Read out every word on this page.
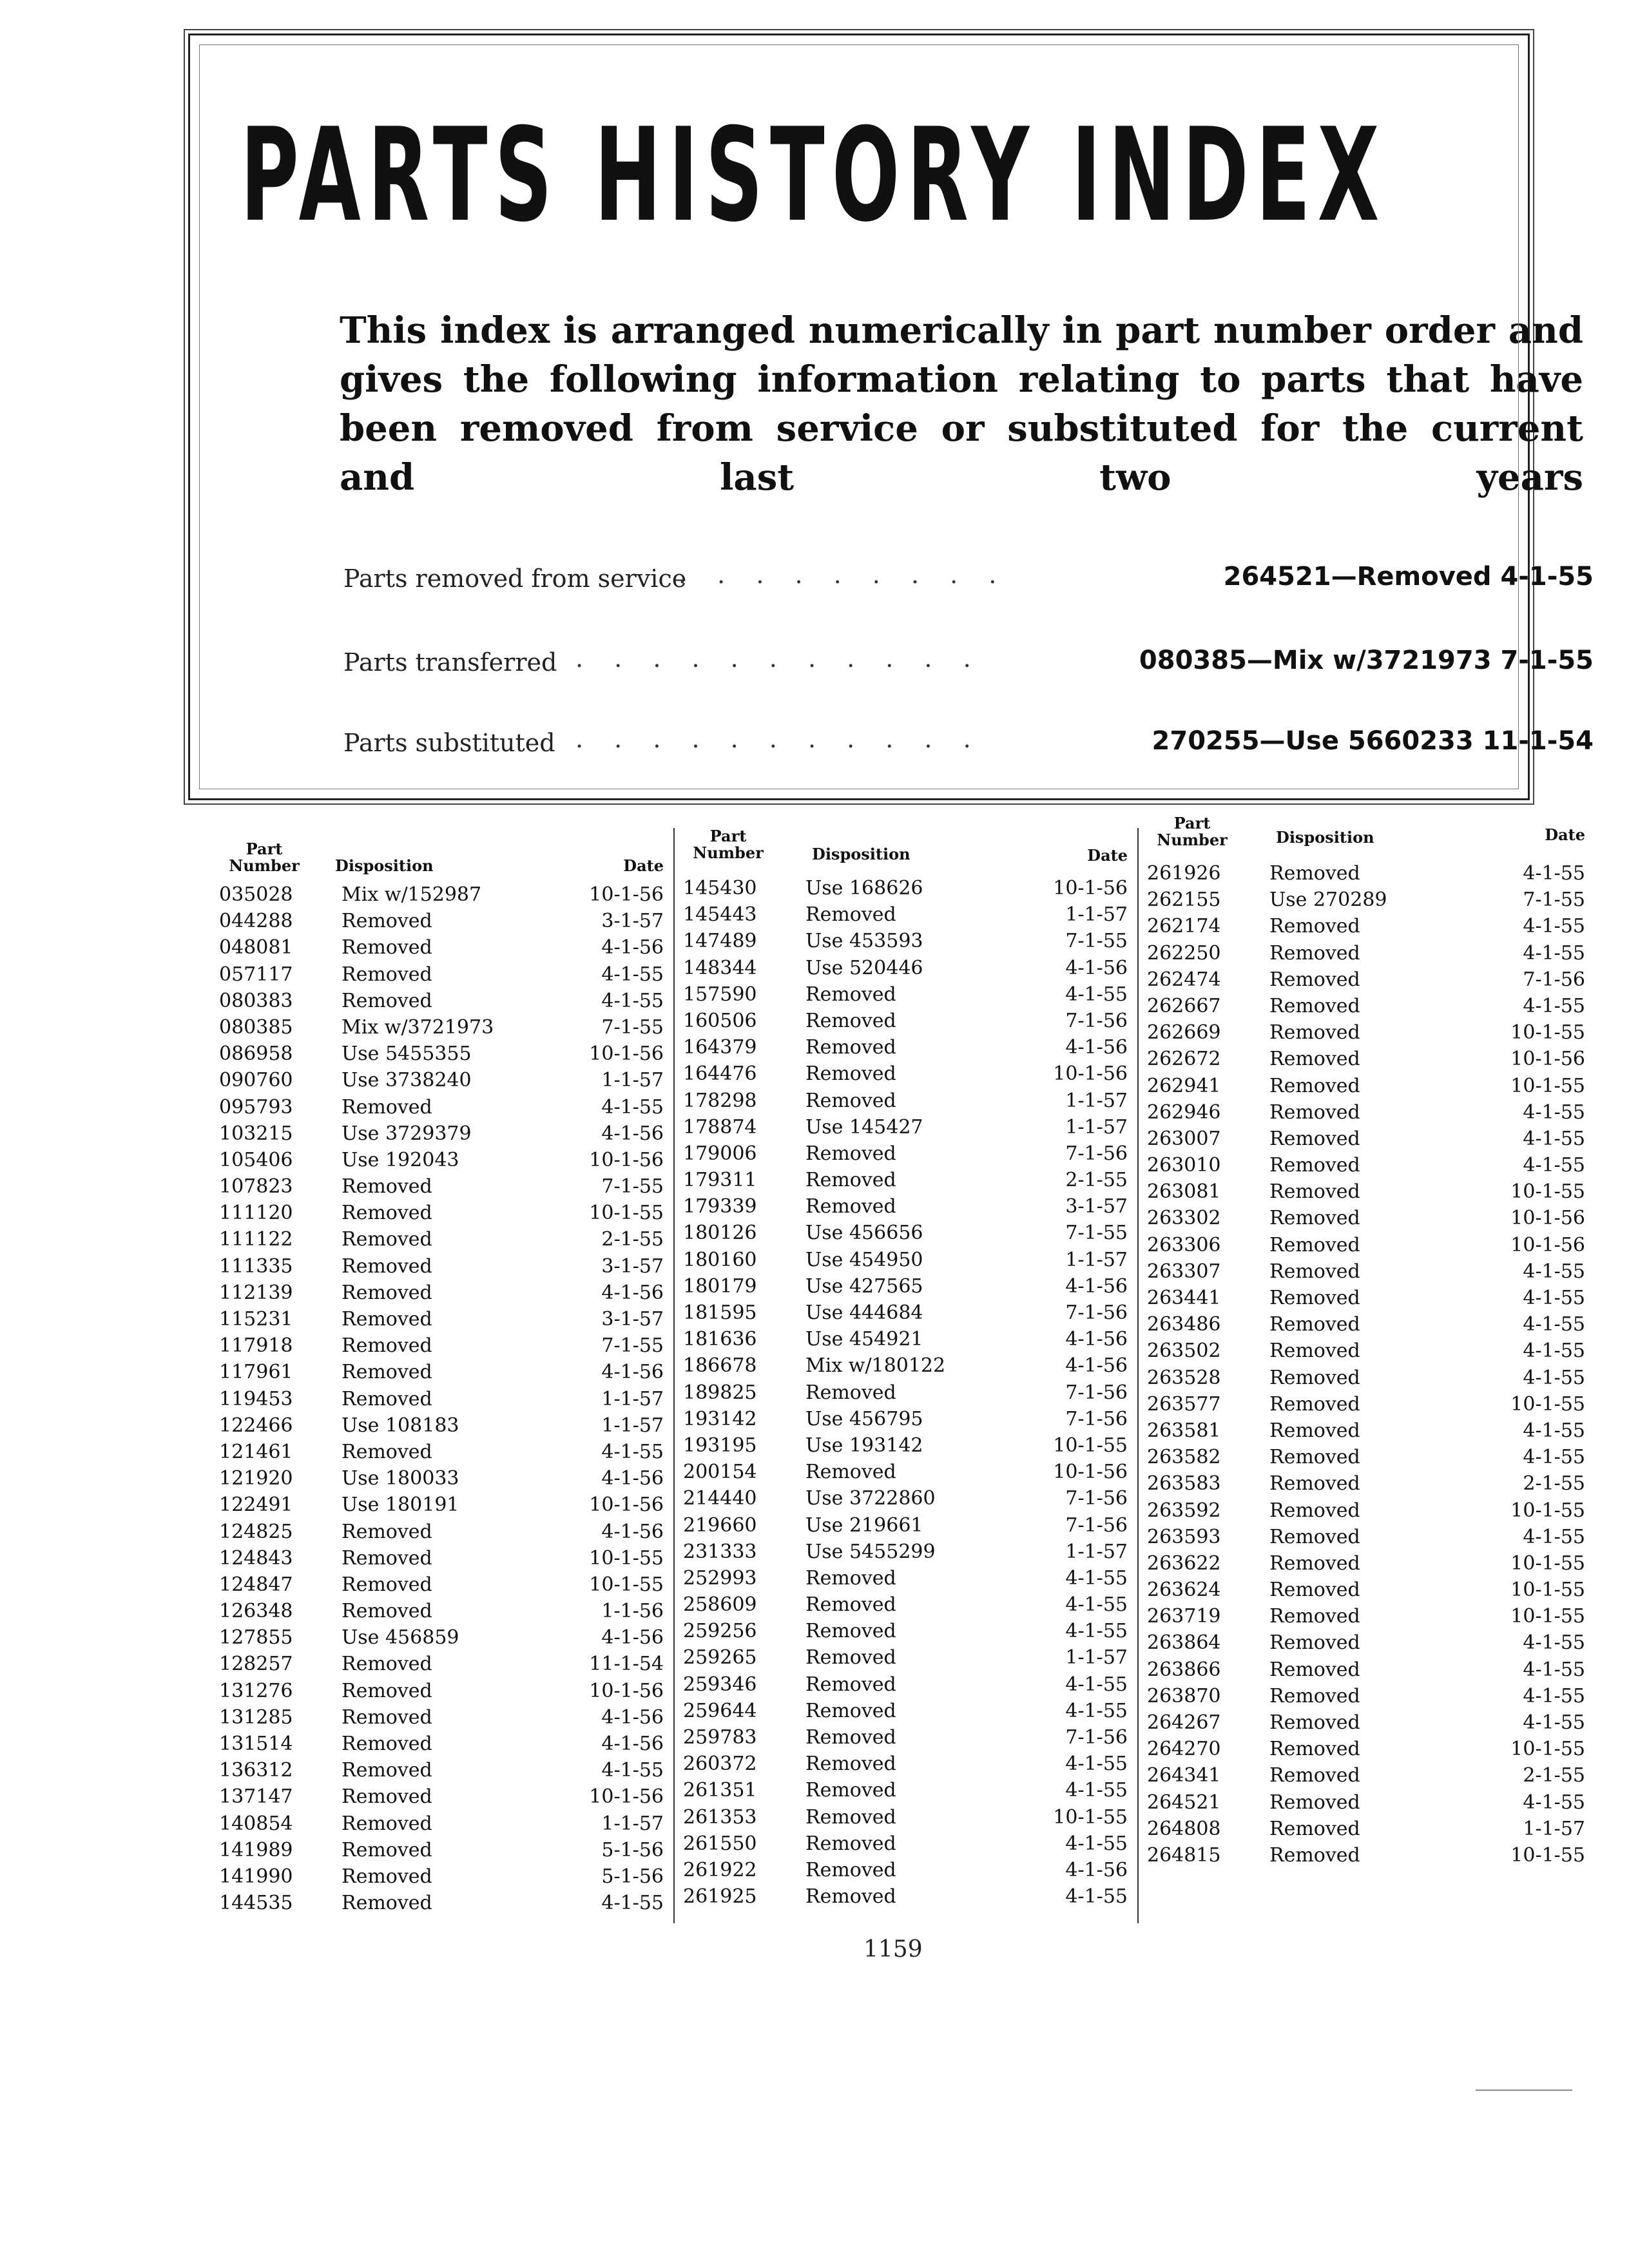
PARTS HISTORY INDEX

This index is arranged numerically in part number order and gives the following information relating to parts that have been removed from service or substituted for the current and last two years

Parts removed from service
. . . . . . . . .	264521—Removed 4-1-55
Parts transferred . . . . . . . . . . .	080385—Mix w/3721973 7-1-55
Parts substituted . . . . . . . . . . .	270255—Use 5660233 11-1-54
Part
Number	Disposition	Date
035028	Mix w/152987	10-1-56
044288	Removed	3-1-57
048081	Removed	4-1-56
057117	Removed	4-1-55
080383	Removed	4-1-55
080385	Mix w/3721973	7-1-55
086958	Use 5455355	10-1-56
090760	Use 3738240	1-1-57
095793	Removed	4-1-55
103215	Use 3729379	4-1-56
105406	Use 192043	10-1-56
107823	Removed	7-1-55
111120	Removed	10-1-55
111122	Removed	2-1-55
111335	Removed	3-1-57
112139	Removed	4-1-56
115231	Removed	3-1-57
117918	Removed	7-1-55
117961	Removed	4-1-56
119453	Removed	1-1-57
122466	Use 108183	1-1-57
121461	Removed	4-1-55
121920	Use 180033	4-1-56
122491	Use 180191	10-1-56
124825	Removed	4-1-56
124843	Removed	10-1-55
124847	Removed	10-1-55
126348	Removed	1-1-56
127855	Use 456859	4-1-56
128257	Removed	11-1-54
131276	Removed	10-1-56
131285	Removed	4-1-56
131514	Removed	4-1-56
136312	Removed	4-1-55
137147	Removed	10-1-56
140854	Removed	1-1-57
141989	Removed	5-1-56
141990	Removed	5-1-56
144535	Removed	4-1-55
Part
Number	Disposition	Date
145430	Use 168626	10-1-56
145443	Removed	1-1-57
147489	Use 453593	7-1-55
148344	Use 520446	4-1-56
157590	Removed	4-1-55
160506	Removed	7-1-56
164379	Removed	4-1-56
164476	Removed	10-1-56
178298	Removed	1-1-57
178874	Use 145427	1-1-57
179006	Removed	7-1-56
179311	Removed	2-1-55
179339	Removed	3-1-57
180126	Use 456656	7-1-55
180160	Use 454950	1-1-57
180179	Use 427565	4-1-56
181595	Use 444684	7-1-56
181636	Use 454921	4-1-56
186678	Mix w/180122	4-1-56
189825	Removed	7-1-56
193142	Use 456795	7-1-56
193195	Use 193142	10-1-55
200154	Removed	10-1-56
214440	Use 3722860	7-1-56
219660	Use 219661	7-1-56
231333	Use 5455299	1-1-57
252993	Removed	4-1-55
258609	Removed	4-1-55
259256	Removed	4-1-55
259265	Removed	1-1-57
259346	Removed	4-1-55
259644	Removed	4-1-55
259783	Removed	7-1-56
260372	Removed	4-1-55
261351	Removed	4-1-55
261353	Removed	10-1-55
261550	Removed	4-1-55
261922	Removed	4-1-56
261925	Removed	4-1-55
Part
Number	Disposition	Date
261926	Removed	4-1-55
262155	Use 270289	7-1-55
262174	Removed	4-1-55
262250	Removed	4-1-55
262474	Removed	7-1-56
262667	Removed	4-1-55
262669	Removed	10-1-55
262672	Removed	10-1-56
262941	Removed	10-1-55
262946	Removed	4-1-55
263007	Removed	4-1-55
263010	Removed	4-1-55
263081	Removed	10-1-55
263302	Removed	10-1-56
263306	Removed	10-1-56
263307	Removed	4-1-55
263441	Removed	4-1-55
263486	Removed	4-1-55
263502	Removed	4-1-55
263528	Removed	4-1-55
263577	Removed	10-1-55
263581	Removed	4-1-55
263582	Removed	4-1-55
263583	Removed	2-1-55
263592	Removed	10-1-55
263593	Removed	4-1-55
263622	Removed	10-1-55
263624	Removed	10-1-55
263719	Removed	10-1-55
263864	Removed	4-1-55
263866	Removed	4-1-55
263870	Removed	4-1-55
264267	Removed	4-1-55
264270	Removed	10-1-55
264341	Removed	2-1-55
264521	Removed	4-1-55
264808	Removed	1-1-57
264815	Removed	10-1-55
1159
